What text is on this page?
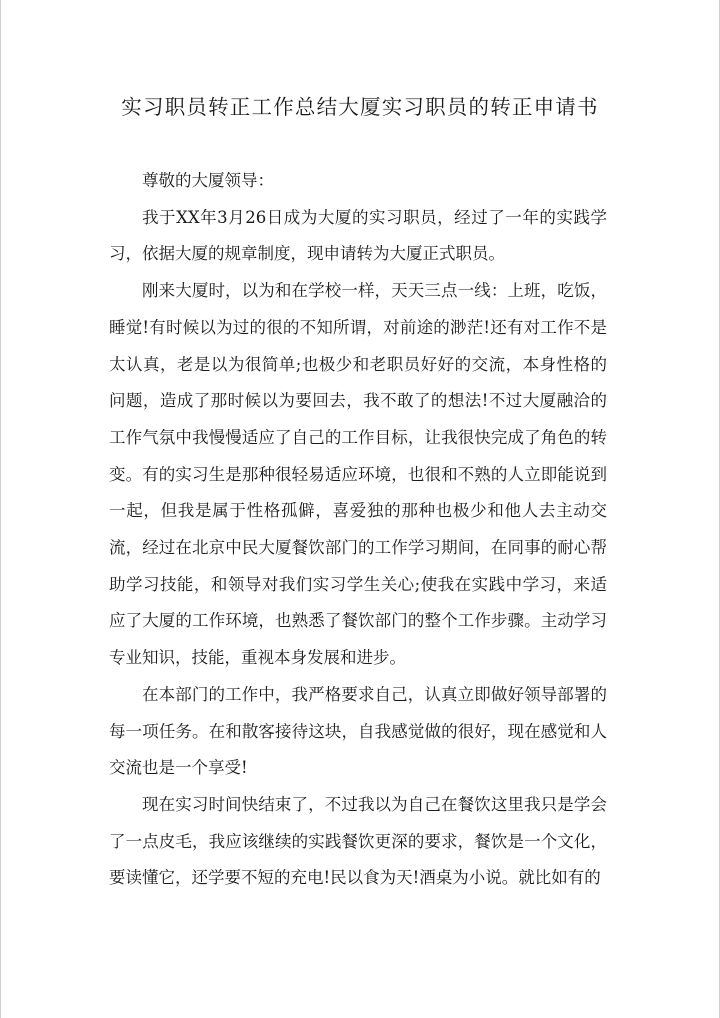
实习职员转正工作总结大厦实习职员的转正申请书

尊敬的大厦领导：

我于XX年3月26日成为大厦的实习职员，经过了一年的实践学习，依据大厦的规章制度，现申请转为大厦正式职员。

刚来大厦时，以为和在学校一样，天天三点一线：上班，吃饭，睡觉!有时候以为过的很的不知所谓，对前途的渺茫!还有对工作不是太认真，老是以为很简单;也极少和老职员好好的交流，本身性格的问题，造成了那时候以为要回去，我不敢了的想法!不过大厦融洽的工作气氛中我慢慢适应了自己的工作目标，让我很快完成了角色的转变。有的实习生是那种很轻易适应环境，也很和不熟的人立即能说到一起，但我是属于性格孤僻，喜爱独的那种也极少和他人去主动交流，经过在北京中民大厦餐饮部门的工作学习期间，在同事的耐心帮助学习技能，和领导对我们实习学生关心;使我在实践中学习，来适应了大厦的工作环境，也熟悉了餐饮部门的整个工作步骤。主动学习专业知识，技能，重视本身发展和进步。

在本部门的工作中，我严格要求自己，认真立即做好领导部署的每一项任务。在和散客接待这块，自我感觉做的很好，现在感觉和人交流也是一个享受!

现在实习时间快结束了，不过我以为自己在餐饮这里我只是学会了一点皮毛，我应该继续的实践餐饮更深的要求，餐饮是一个文化，要读懂它，还学要不短的充电!民以食为天!酒桌为小说。就比如有的
